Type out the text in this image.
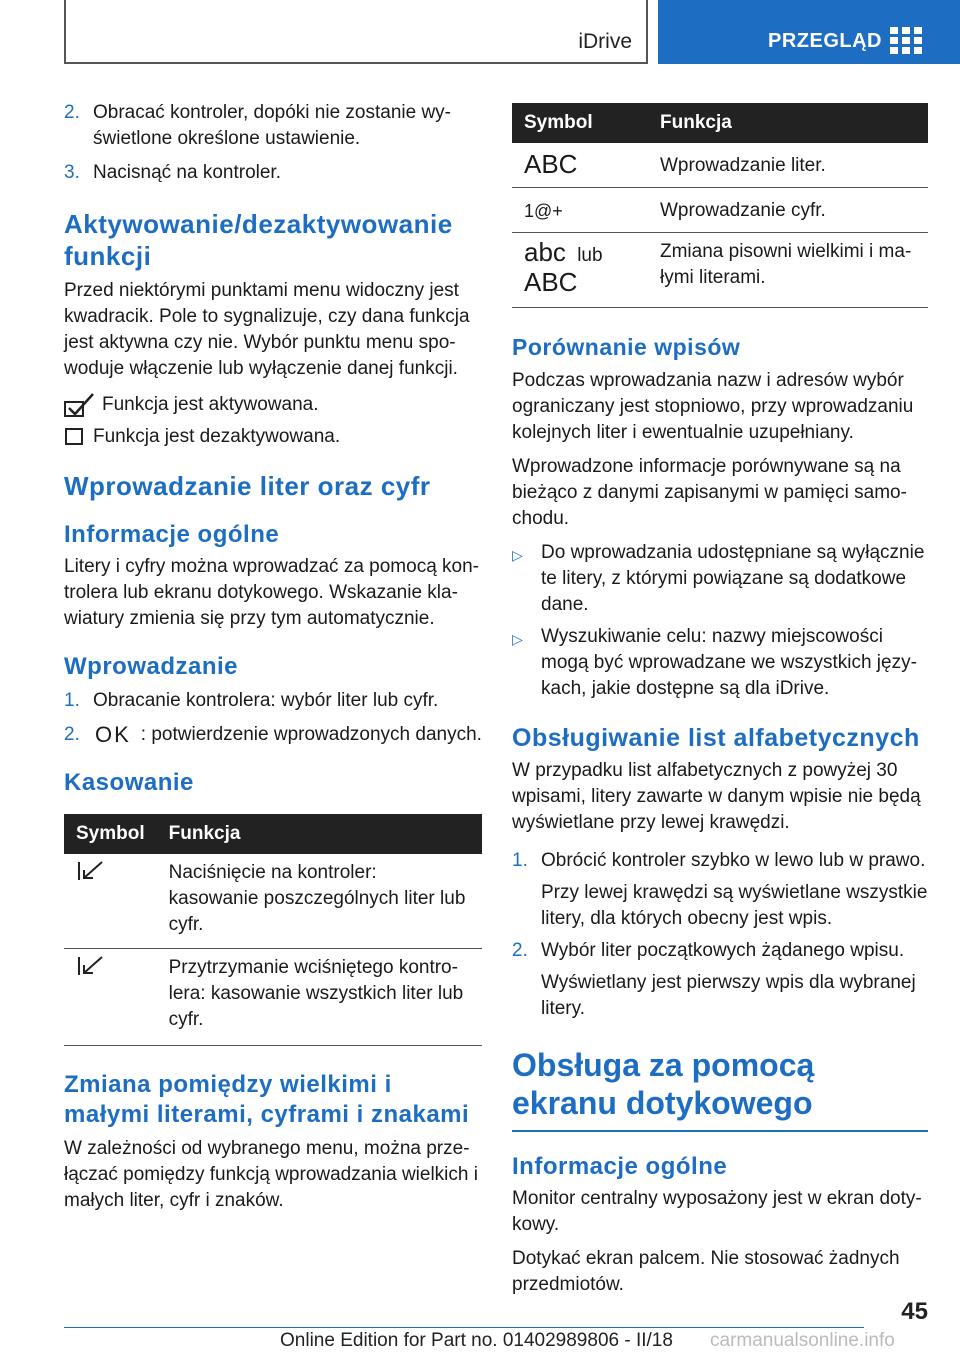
iDrive	PRZEGLĄD
2. Obracać kontroler, dopóki nie zostanie wy-
świetlone określone ustawienie.
3. Nacisnąć na kontroler.
Aktywowanie/dezaktywowanie funkcji

Przed niektórymi punktami menu widoczny jest kwadracik. Pole to sygnalizuje, czy dana funkcja jest aktywna czy nie. Wybór punktu menu spo-woduje włączenie lub wyłączenie danej funkcji.

Funkcja jest aktywowana.
Funkcja jest dezaktywowana.
Wprowadzanie liter oraz cyfr
Informacje ogólne

Litery i cyfry można wprowadzać za pomocą kon-trolera lub ekranu dotykowego. Wskazanie kla-wiatury zmienia się przy tym automatycznie.

Wprowadzanie
1. Obracanie kontrolera: wybór liter lub cyfr.
2. OK : potwierdzenie wprowadzonych danych.
Kasowanie
Symbol	Funkcja
	Naciśnięcie na kontroler: kasowanie poszczególnych liter lub cyfr.
	Przytrzymanie wciśniętego kontro-lera: kasowanie wszystkich liter lub cyfr.
Zmiana pomiędzy wielkimi i małymi literami, cyframi i znakami

W zależności od wybranego menu, można prze-łączać pomiędzy funkcją wprowadzania wielkich i małych liter, cyfr i znaków.

Symbol	Funkcja
ABC	Wprowadzanie liter.
1@+	Wprowadzanie cyfr.
abc lub
ABC	Zmiana pisowni wielkimi i ma-łymi literami.
Porównanie wpisów

Podczas wprowadzania nazw i adresów wybór ograniczany jest stopniowo, przy wprowadzaniu kolejnych liter i ewentualnie uzupełniany.

Wprowadzone informacje porównywane są na bieżąco z danymi zapisanymi w pamięci samo-chodu.

▷ Do wprowadzania udostępniane są wyłącznie te litery, z którymi powiązane są dodatkowe dane.
▷ Wyszukiwanie celu: nazwy miejscowości mogą być wprowadzane we wszystkich języ-kach, jakie dostępne są dla iDrive.
Obsługiwanie list alfabetycznych

W przypadku list alfabetycznych z powyżej 30 wpisami, litery zawarte w danym wpisie nie będą wyświetlane przy lewej krawędzi.

1. Obrócić kontroler szybko w lewo lub w prawo.

Przy lewej krawędzi są wyświetlane wszystkie litery, dla których obecny jest wpis.

2. Wybór liter początkowych żądanego wpisu.

Wyświetlany jest pierwszy wpis dla wybranej litery.

Obsługa za pomocą ekranu dotykowego
Informacje ogólne

Monitor centralny wyposażony jest w ekran doty-kowy.

Dotykać ekran palcem. Nie stosować żadnych przedmiotów.

45
Online Edition for Part no. 01402989806 - II/18 carmanualsonline.info
